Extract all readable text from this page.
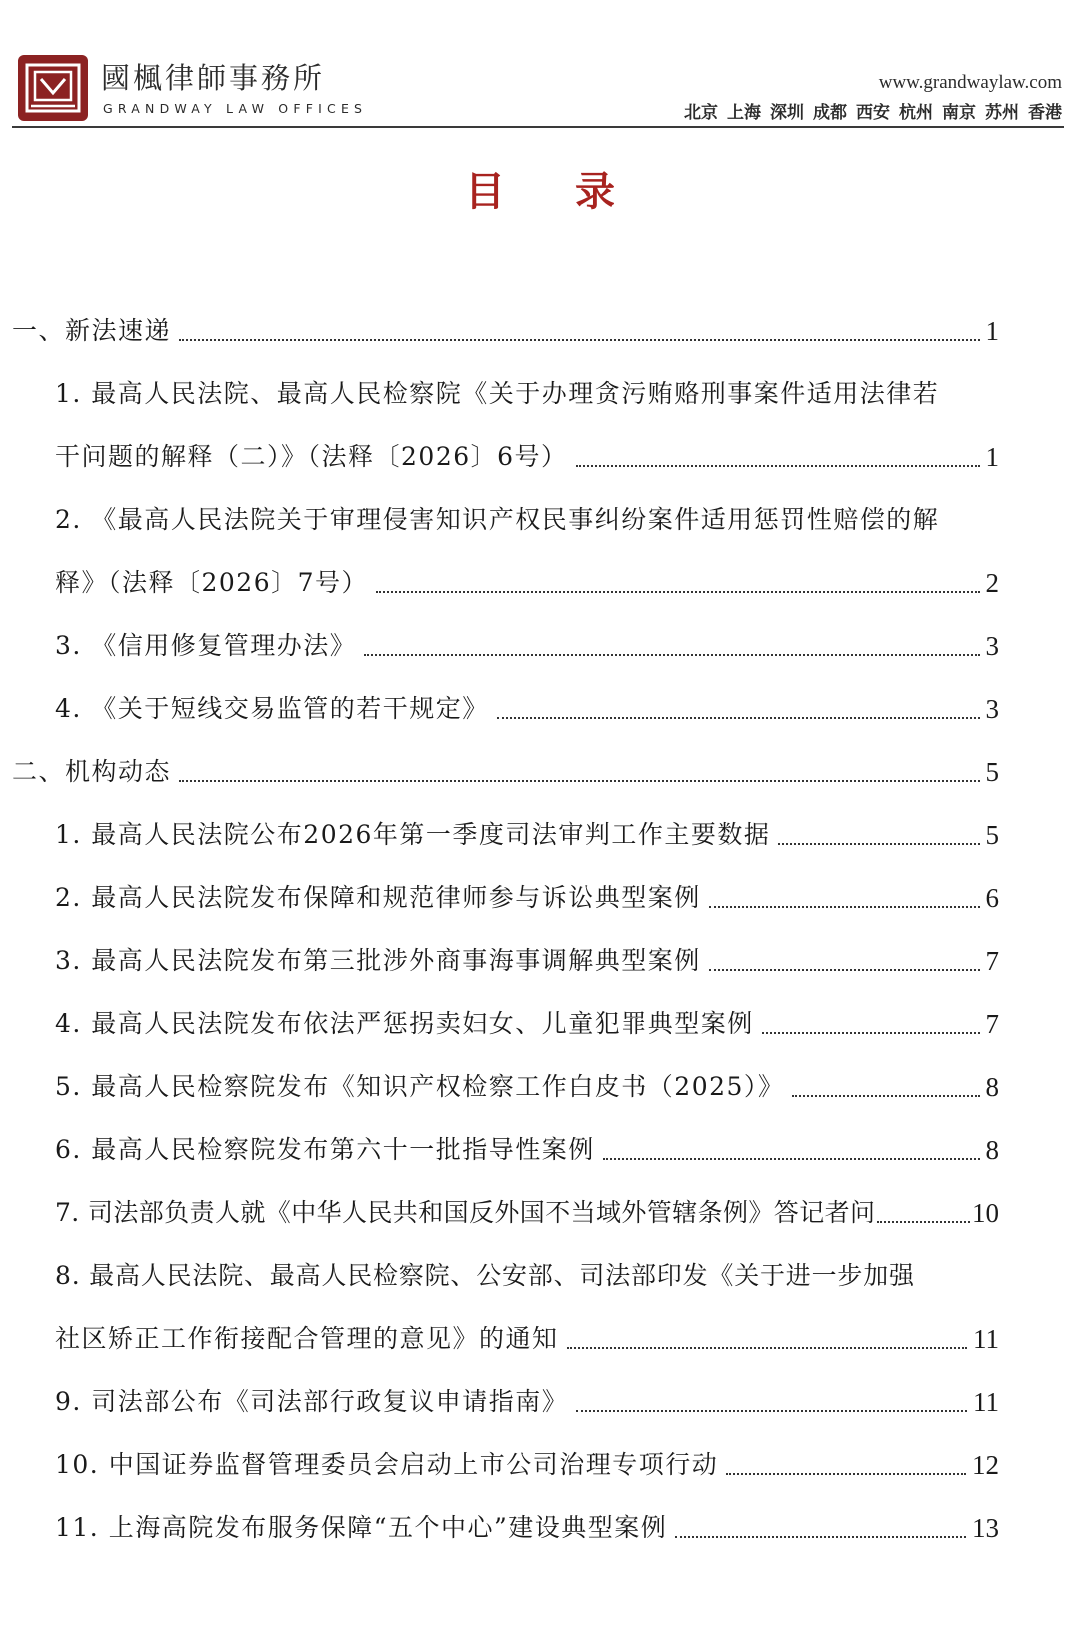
國楓律師事務所
GRANDWAY LAW OFFICES
www.grandwaylaw.com
北京 上海 深圳 成都 西安 杭州 南京 苏州 香港
目 录
一、新法速递	1
1. 最高人民法院、最高人民检察院《关于办理贪污贿赂刑事案件适用法律若
干问题的解释（二）》（法释〔2026〕6号）	1
2. 《最高人民法院关于审理侵害知识产权民事纠纷案件适用惩罚性赔偿的解
释》（法释〔2026〕7号）	2
3. 《信用修复管理办法》	3
4. 《关于短线交易监管的若干规定》	3
二、机构动态	5
1. 最高人民法院公布2026年第一季度司法审判工作主要数据	5
2. 最高人民法院发布保障和规范律师参与诉讼典型案例	6
3. 最高人民法院发布第三批涉外商事海事调解典型案例	7
4. 最高人民法院发布依法严惩拐卖妇女、儿童犯罪典型案例	7
5. 最高人民检察院发布《知识产权检察工作白皮书（2025）》	8
6. 最高人民检察院发布第六十一批指导性案例	8
7. 司法部负责人就《中华人民共和国反外国不当域外管辖条例》答记者问	10
8. 最高人民法院、最高人民检察院、公安部、司法部印发《关于进一步加强
社区矫正工作衔接配合管理的意见》的通知	11
9. 司法部公布《司法部行政复议申请指南》	11
10. 中国证券监督管理委员会启动上市公司治理专项行动	12
11. 上海高院发布服务保障“五个中心”建设典型案例	13
